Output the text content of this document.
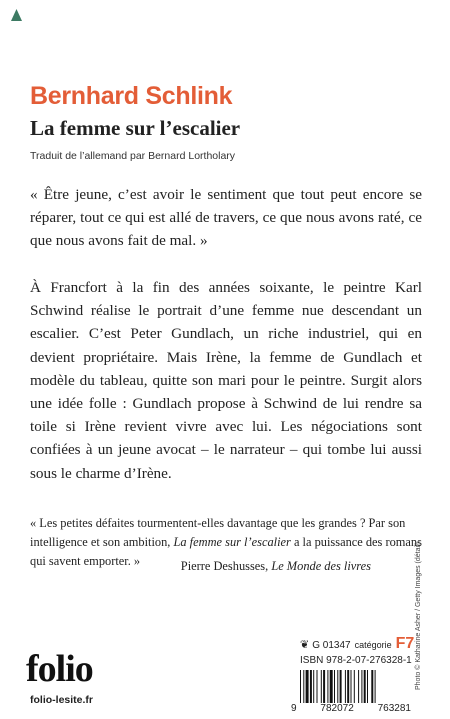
Bernhard Schlink
La femme sur l’escalier
Traduit de l’allemand par Bernard Lortholary

« Être jeune, c’est avoir le sentiment que tout peut encore se réparer, tout ce qui est allé de travers, ce que nous avons raté, ce que nous avons fait de mal. »

À Francfort à la fin des années soixante, le peintre Karl Schwind réalise le portrait d’une femme nue descendant un escalier. C’est Peter Gundlach, un riche industriel, qui en devient propriétaire. Mais Irène, la femme de Gundlach et modèle du tableau, quitte son mari pour le peintre. Surgit alors une idée folle : Gundlach propose à Schwind de lui rendre sa toile si Irène revient vivre avec lui. Les négociations sont confiées à un jeune avocat – le narrateur – qui tombe lui aussi sous le charme d’Irène.

« Les petites défaites tourmentent-elles davantage que les grandes ? Par son intelligence et son ambition, La femme sur l’escalier a la puissance des romans qui savent emporter. »	Pierre Deshusses, Le Monde des livres	Photo © Katharine Asher / Getty Images (détail).
folio
folio-lesite.fr
❦ G 01347 catégorie F7
ISBN 978-2-07-276328-1
9 782072 763281
